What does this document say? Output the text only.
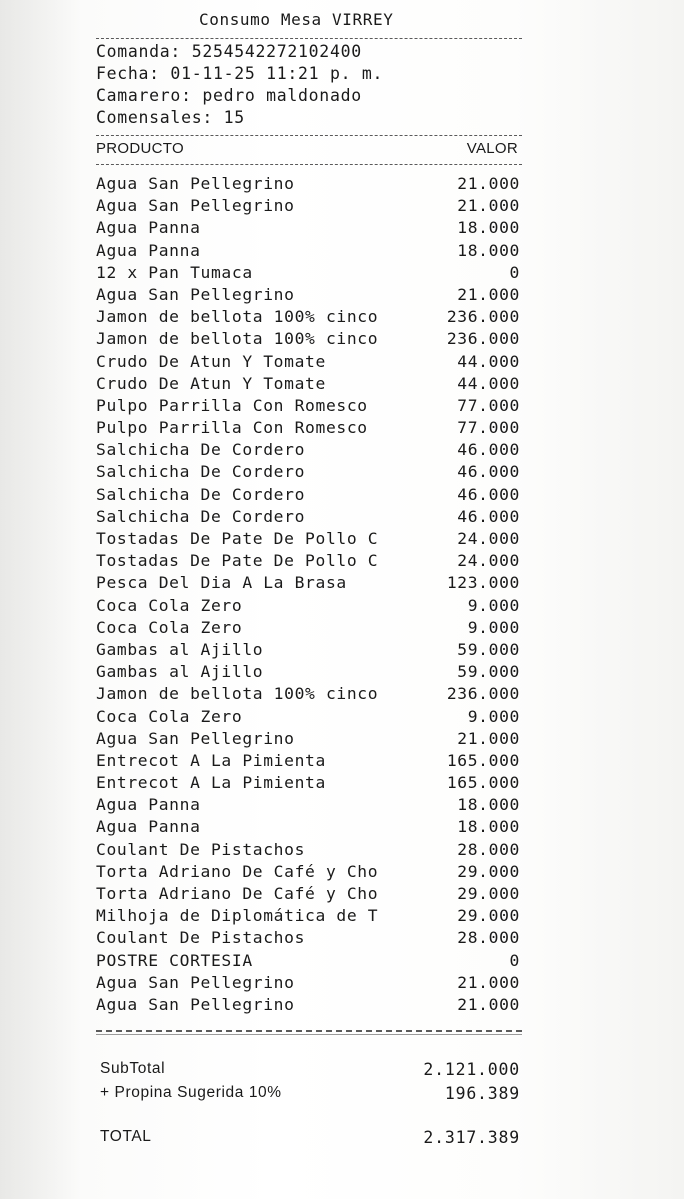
Consumo Mesa VIRREY
Comanda: 5254542272102400
Fecha: 01-11-25 11:21 p. m.
Camarero: pedro maldonado
Comensales: 15
PRODUCTO	VALOR
Agua San Pellegrino	21.000
Agua San Pellegrino	21.000
Agua Panna	18.000
Agua Panna	18.000
12 x Pan Tumaca	0
Agua San Pellegrino	21.000
Jamon de bellota 100% cinco	236.000
Jamon de bellota 100% cinco	236.000
Crudo De Atun Y Tomate	44.000
Crudo De Atun Y Tomate	44.000
Pulpo Parrilla Con Romesco	77.000
Pulpo Parrilla Con Romesco	77.000
Salchicha De Cordero	46.000
Salchicha De Cordero	46.000
Salchicha De Cordero	46.000
Salchicha De Cordero	46.000
Tostadas De Pate De Pollo C	24.000
Tostadas De Pate De Pollo C	24.000
Pesca Del Dia A La Brasa	123.000
Coca Cola Zero	9.000
Coca Cola Zero	9.000
Gambas al Ajillo	59.000
Gambas al Ajillo	59.000
Jamon de bellota 100% cinco	236.000
Coca Cola Zero	9.000
Agua San Pellegrino	21.000
Entrecot A La Pimienta	165.000
Entrecot A La Pimienta	165.000
Agua Panna	18.000
Agua Panna	18.000
Coulant De Pistachos	28.000
Torta Adriano De Café y Cho	29.000
Torta Adriano De Café y Cho	29.000
Milhoja de Diplomática de T	29.000
Coulant De Pistachos	28.000
POSTRE CORTESIA	0
Agua San Pellegrino	21.000
Agua San Pellegrino	21.000
SubTotal	2.121.000
+ Propina Sugerida 10%	196.389
TOTAL	2.317.389
